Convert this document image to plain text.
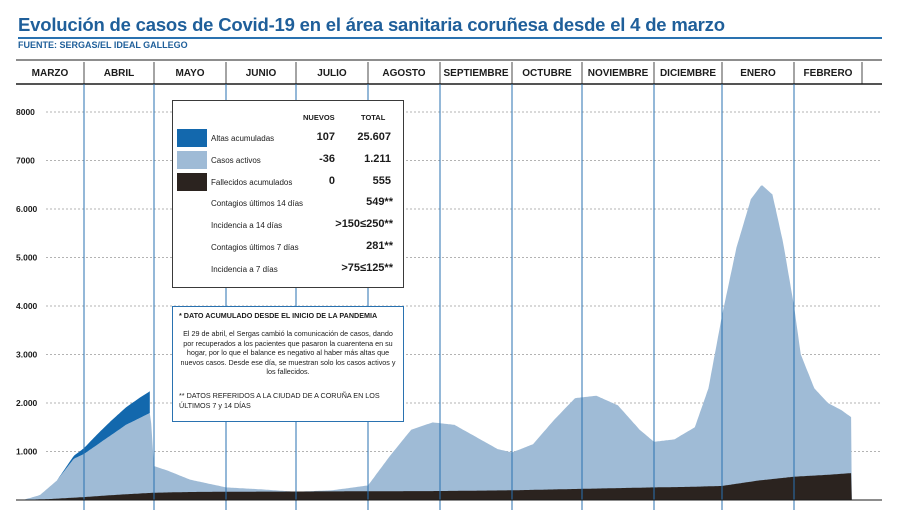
Evolución de casos de Covid-19 en el área sanitaria coruñesa desde el 4 de marzo
FUENTE: SERGAS/EL IDEAL GALLEGO
MARZO	ABRIL	MAYO	JUNIO	JULIO	AGOSTO SEPTIEMBRE OCTUBRE NOVIEMBRE DICIEMBRE ENERO	FEBRERO
8000
7000
6.000
5.000
4.000
3.000
2.000
1.000
NUEVOS	TOTAL
Altas acumuladas	107	25.607
Casos activos	-36	1.211
Fallecidos acumulados	0	555
Contagios últimos 14 días	549**
Incidencia a 14 días	>150≤250**
Contagios últimos 7 días	281**
Incidencia a 7 días	>75≤125**
* DATO ACUMULADO DESDE EL INICIO DE LA PANDEMIA
El 29 de abril, el Sergas cambió la comunicación de casos, dando por recuperados a los pacientes que pasaron la cuarentena en su hogar, por lo que el balance es negativo al haber más altas que nuevos casos. Desde ese día, se muestran solo los casos activos y los fallecidos.
** DATOS REFERIDOS A LA CIUDAD DE A CORUÑA EN LOS ÚLTIMOS 7 y 14 DÍAS
